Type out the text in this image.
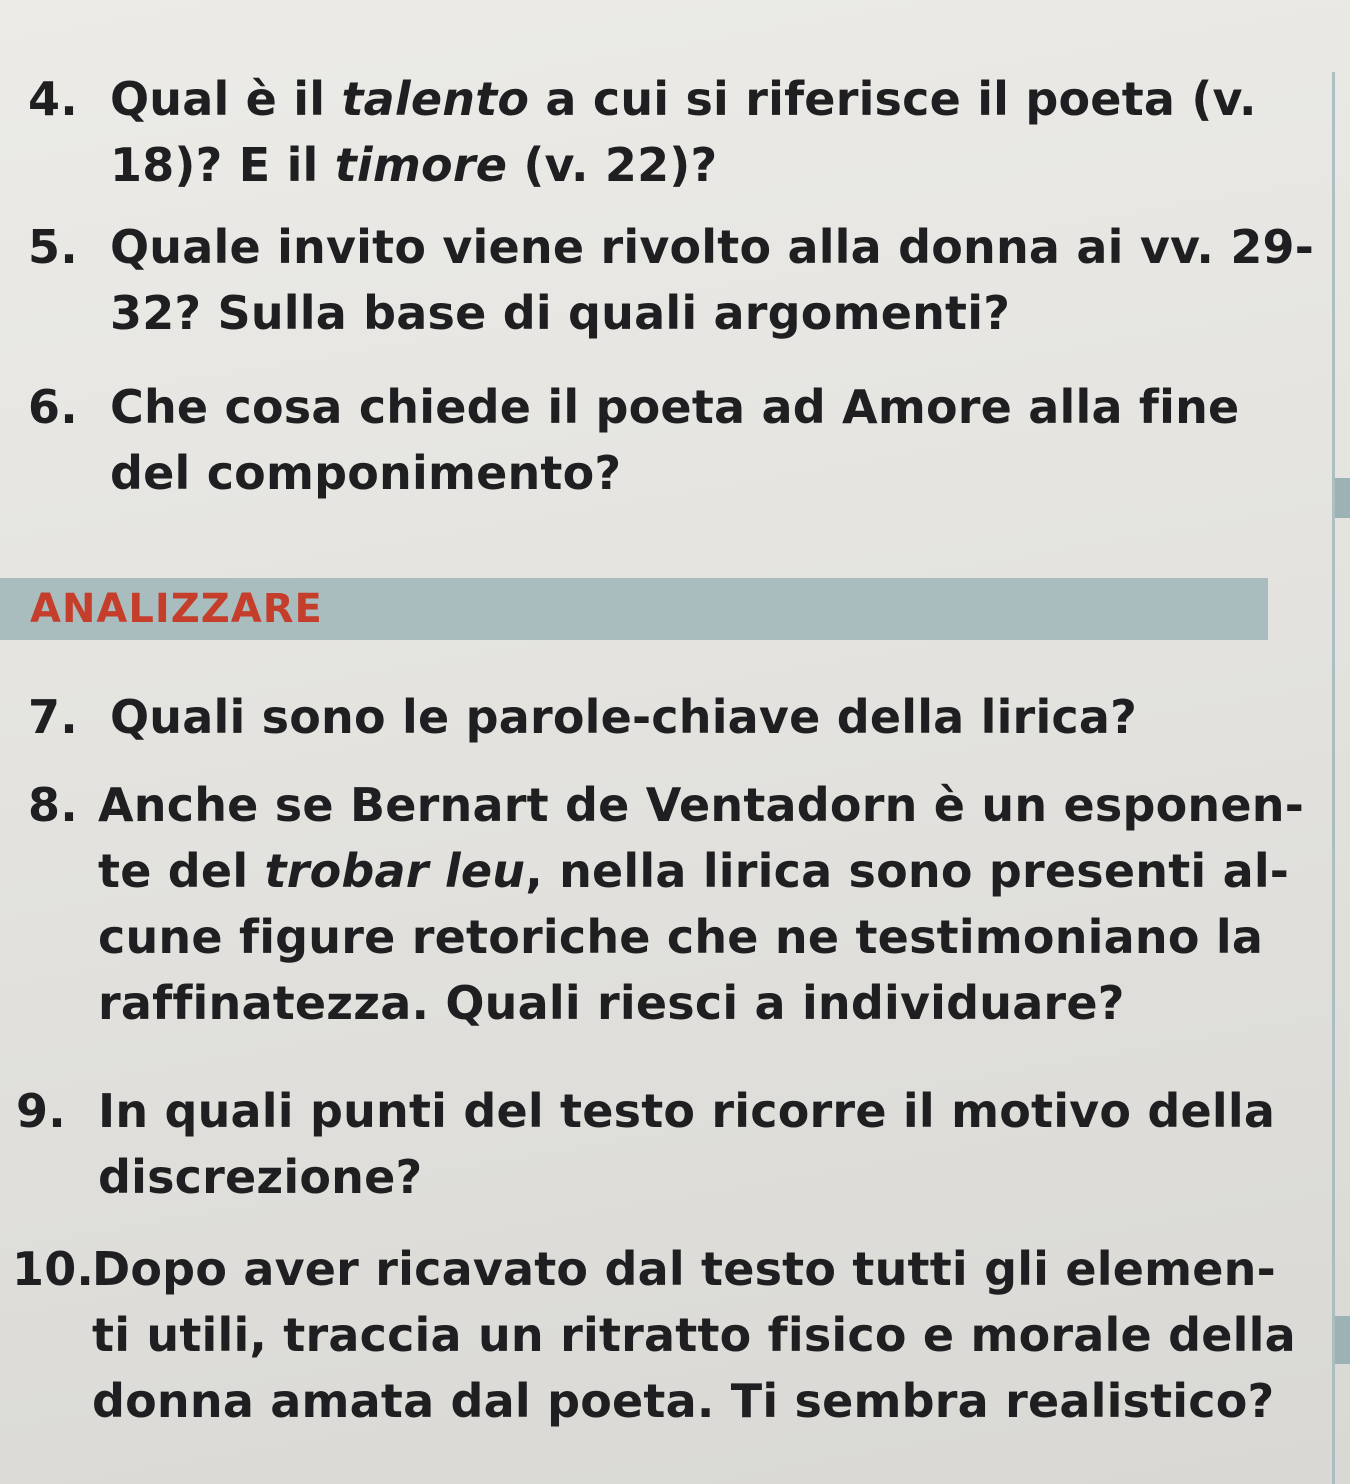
4. Qual è il talento a cui si riferisce il poeta (v.
18)? E il timore (v. 22)?
5. Quale invito viene rivolto alla donna ai vv. 29-
32? Sulla base di quali argomenti?
6. Che cosa chiede il poeta ad Amore alla fine
del componimento?
ANALIZZARE
7. Quali sono le parole-chiave della lirica?
8. Anche se Bernart de Ventadorn è un esponen-
te del trobar leu, nella lirica sono presenti al-
cune figure retoriche che ne testimoniano la
raffinatezza. Quali riesci a individuare?
9. In quali punti del testo ricorre il motivo della
discrezione?
10.
Dopo aver ricavato dal testo tutti gli elemen-
ti utili, traccia un ritratto fisico e morale della
donna amata dal poeta. Ti sembra realistico?
